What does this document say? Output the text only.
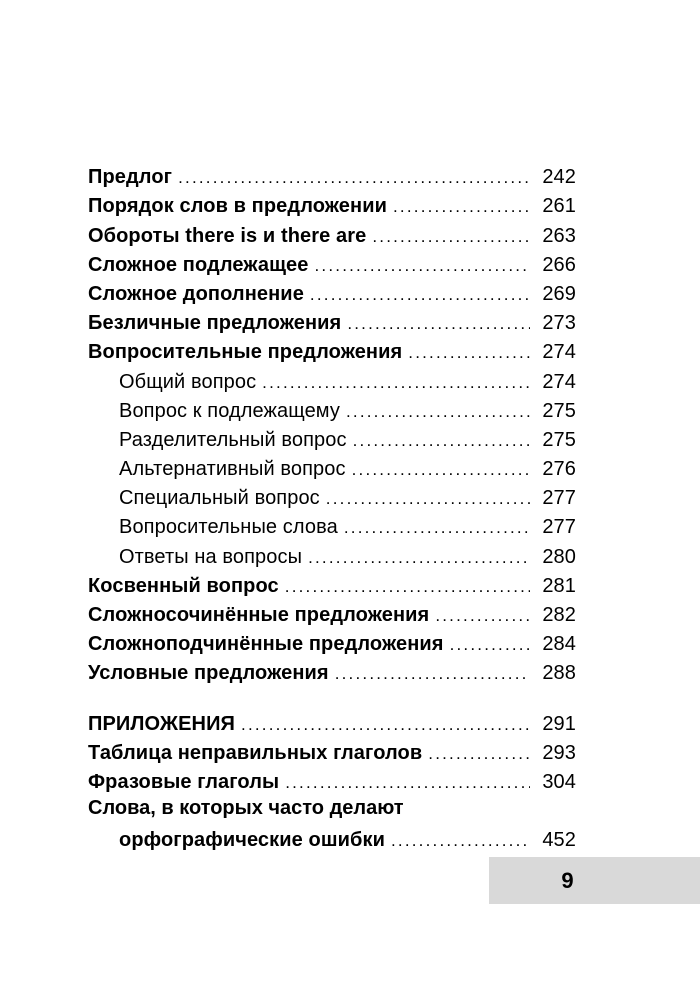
Предлог .....	242
Порядок слов в предложении .....	261
Обороты there is и there are .....	263
Сложное подлежащее .....	266
Сложное дополнение .....	269
Безличные предложения .....	273
Вопросительные предложения .....	274
Общий вопрос .....	274
Вопрос к подлежащему .....	275
Разделительный вопрос .....	275
Альтернативный вопрос .....	276
Специальный вопрос .....	277
Вопросительные слова .....	277
Ответы на вопросы .....	280
Косвенный вопрос .....	281
Сложносочинённые предложения .....	282
Сложноподчинённые предложения .....	284
Условные предложения .....	288
ПРИЛОЖЕНИЯ .....	291
Таблица неправильных глаголов .....	293
Фразовые глаголы .....	304
Слова, в которых часто делают
орфографические ошибки .....	452
9
